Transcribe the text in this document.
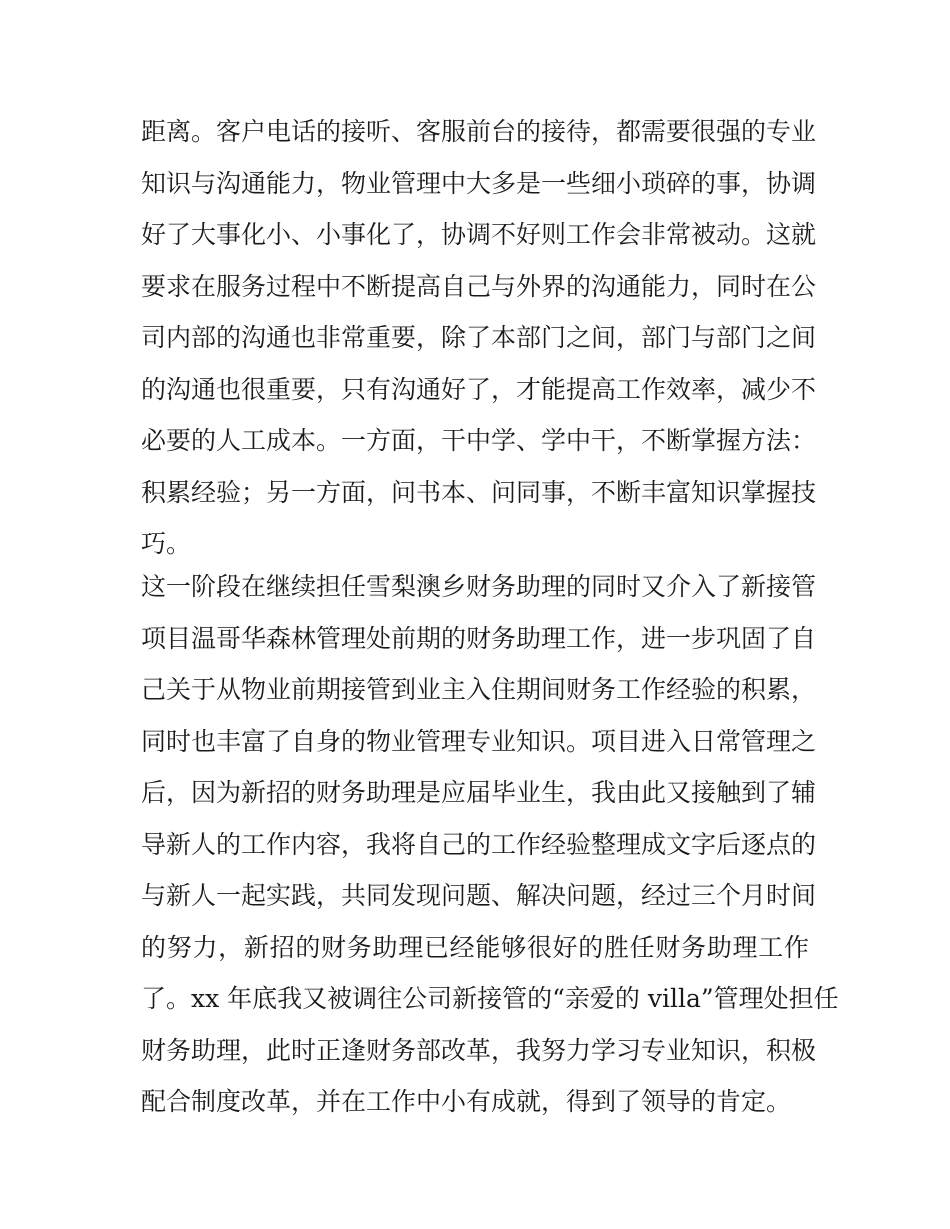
距离。客户电话的接听、客服前台的接待，都需要很强的专业
知识与沟通能力，物业管理中大多是一些细小琐碎的事，协调
好了大事化小、小事化了，协调不好则工作会非常被动。这就
要求在服务过程中不断提高自己与外界的沟通能力，同时在公
司内部的沟通也非常重要，除了本部门之间，部门与部门之间
的沟通也很重要，只有沟通好了，才能提高工作效率，减少不
必要的人工成本。一方面，干中学、学中干，不断掌握方法：
积累经验；另一方面，问书本、问同事，不断丰富知识掌握技
巧。
这一阶段在继续担任雪梨澳乡财务助理的同时又介入了新接管
项目温哥华森林管理处前期的财务助理工作，进一步巩固了自
己关于从物业前期接管到业主入住期间财务工作经验的积累，
同时也丰富了自身的物业管理专业知识。项目进入日常管理之
后，因为新招的财务助理是应届毕业生，我由此又接触到了辅
导新人的工作内容，我将自己的工作经验整理成文字后逐点的
与新人一起实践，共同发现问题、解决问题，经过三个月时间
的努力，新招的财务助理已经能够很好的胜任财务助理工作
了。xx 年底我又被调往公司新接管的“亲爱的 villa”管理处担任
财务助理，此时正逢财务部改革，我努力学习专业知识，积极
配合制度改革，并在工作中小有成就，得到了领导的肯定。
